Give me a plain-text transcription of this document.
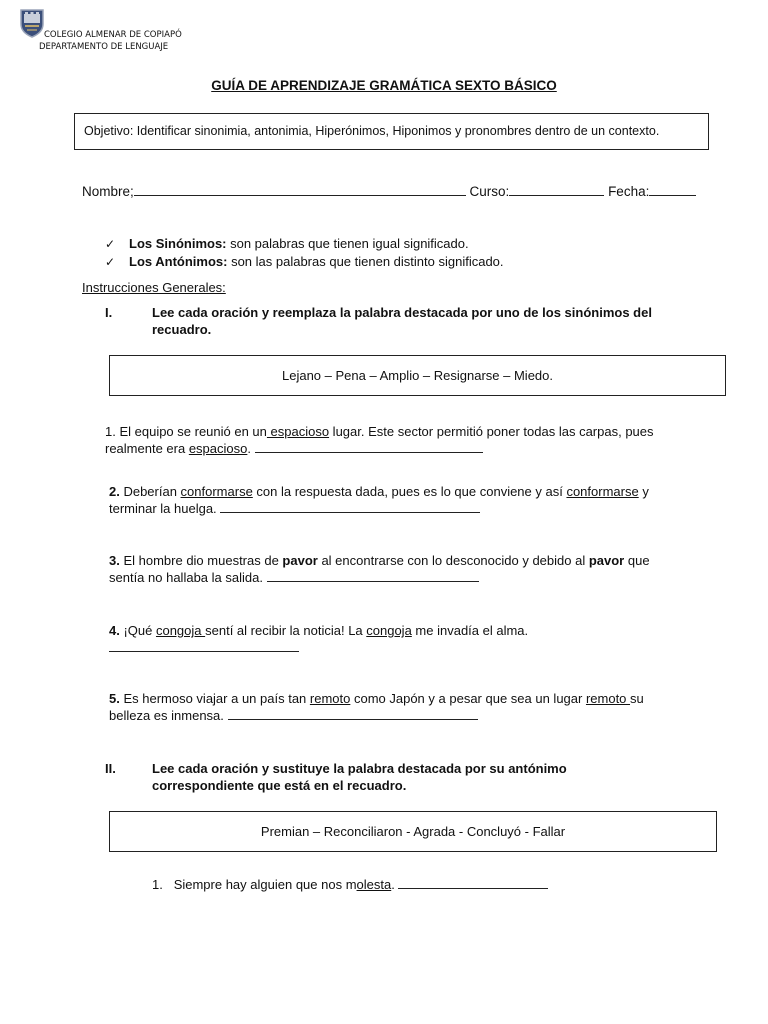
COLEGIO ALMENAR DE COPIAPÓ
DEPARTAMENTO DE LENGUAJE
GUÍA DE APRENDIZAJE GRAMÁTICA SEXTO BÁSICO
Objetivo: Identificar sinonimia, antonimia, Hiperónimos, Hiponimos y pronombres dentro de un contexto.
Nombre;	Curso:	Fecha:
✓ Los Sinónimos: son palabras que tienen igual significado.
✓ Los Antónimos: son las palabras que tienen distinto significado.
Instrucciones Generales:
I.	Lee cada oración y reemplaza la palabra destacada por uno de los sinónimos del
recuadro.
Lejano – Pena – Amplio – Resignarse – Miedo.
1. El equipo se reunió en un espacioso lugar. Este sector permitió poner todas las carpas, pues
realmente era espacioso.
2. Deberían conformarse con la respuesta dada, pues es lo que conviene y así conformarse y
terminar la huelga.
3. El hombre dio muestras de pavor al encontrarse con lo desconocido y debido al pavor que
sentía no hallaba la salida.
4. ¡Qué congoja sentí al recibir la noticia! La congoja me invadía el alma.
5. Es hermoso viajar a un país tan remoto como Japón y a pesar que sea un lugar remoto su
belleza es inmensa.
II.	Lee cada oración y sustituye la palabra destacada por su antónimo
correspondiente que está en el recuadro.
Premian – Reconciliaron - Agrada - Concluyó - Fallar
1. Siempre hay alguien que nos molesta.
